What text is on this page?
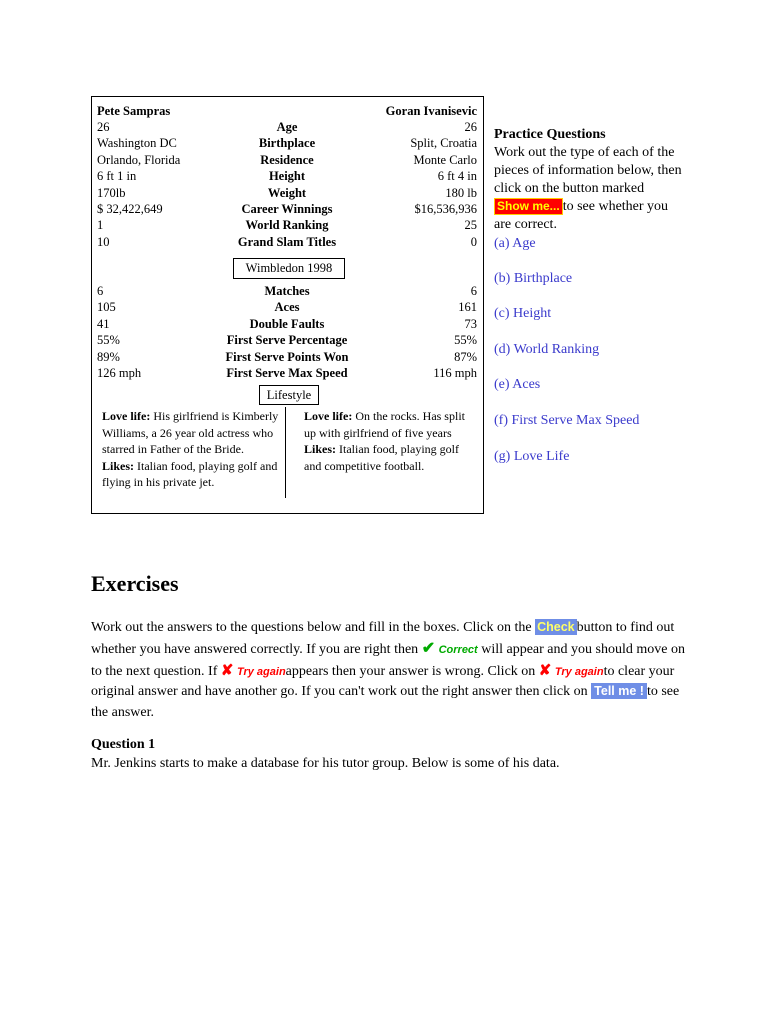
Pete Sampras	Goran Ivanisevic
26	Age	26
Washington DC	Birthplace	Split, Croatia
Orlando, Florida	Residence	Monte Carlo
6 ft 1 in	Height	6 ft 4 in
170lb	Weight	180 lb
$ 32,422,649	Career Winnings	$16,536,936
1	World Ranking	25
10	Grand Slam Titles	0
Wimbledon 1998
6	Matches	6
105	Aces	161
41	Double Faults	73
55%	First Serve Percentage	55%
89%	First Serve Points Won	87%
126 mph	First Serve Max Speed	116 mph
Lifestyle
Love life: His girlfriend is Kimberly Williams, a 26 year old actress who starred in Father of the Bride.
Likes: Italian food, playing golf and flying in his private jet.
Love life: On the rocks. Has split up with girlfriend of five years
Likes: Italian food, playing golf and competitive football.
Practice Questions
Work out the type of each of the pieces of information below, then click on the button marked Show me... to see whether you are correct.
(a) Age
(b) Birthplace
(c) Height
(d) World Ranking
(e) Aces
(f) First Serve Max Speed
(g) Love Life
Exercises
Work out the answers to the questions below and fill in the boxes. Click on the Check button to find out whether you have answered correctly. If you are right then ✔ Correct will appear and you should move on to the next question. If ✘ Try againappears then your answer is wrong. Click on ✘ Try againto clear your original answer and have another go. If you can't work out the right answer then click on Tell me ! to see the answer.
Question 1
Mr. Jenkins starts to make a database for his tutor group. Below is some of his data.
